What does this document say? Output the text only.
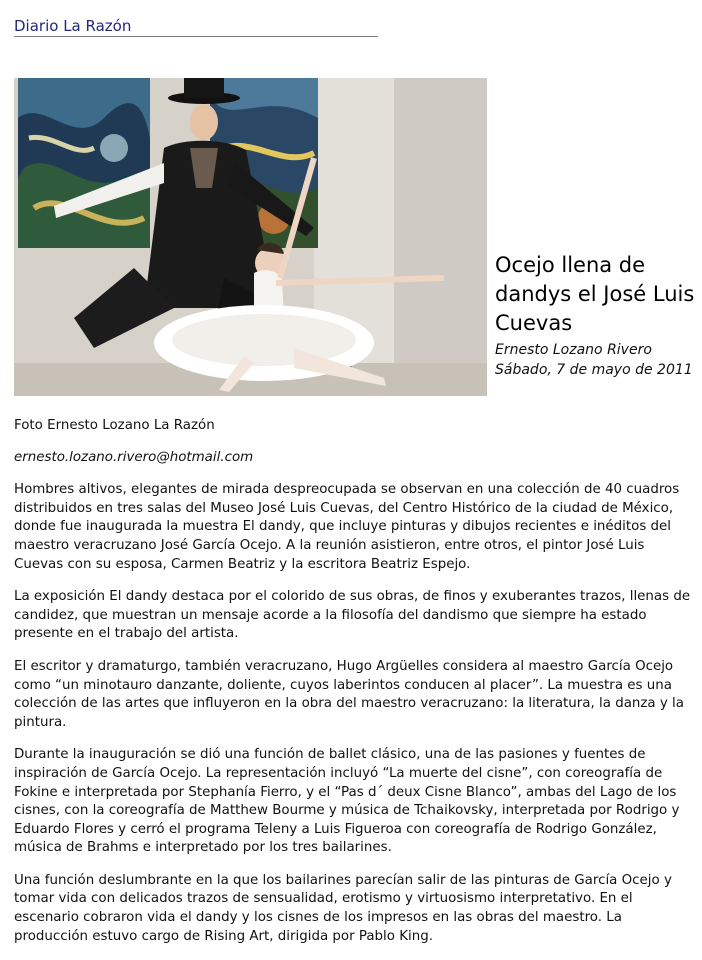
Diario La Razón
Ocejo llena de dandys el José Luis Cuevas
Ernesto Lozano Rivero
Sábado, 7 de mayo de 2011

Foto Ernesto Lozano La Razón

ernesto.lozano.rivero@hotmail.com

Hombres altivos, elegantes de mirada despreocupada se observan en una colección de 40 cuadros distribuidos en tres salas del Museo José Luis Cuevas, del Centro Histórico de la ciudad de México, donde fue inaugurada la muestra El dandy, que incluye pinturas y dibujos recientes e inéditos del maestro veracruzano José García Ocejo. A la reunión asistieron, entre otros, el pintor José Luis Cuevas con su esposa, Carmen Beatriz y la escritora Beatriz Espejo.

La exposición El dandy destaca por el colorido de sus obras, de finos y exuberantes trazos, llenas de candidez, que muestran un mensaje acorde a la filosofía del dandismo que siempre ha estado presente en el trabajo del artista.

El escritor y dramaturgo, también veracruzano, Hugo Argüelles considera al maestro García Ocejo como “un minotauro danzante, doliente, cuyos laberintos conducen al placer”. La muestra es una colección de las artes que influyeron en la obra del maestro veracruzano: la literatura, la danza y la pintura.

Durante la inauguración se dió una función de ballet clásico, una de las pasiones y fuentes de inspiración de García Ocejo. La representación incluyó “La muerte del cisne”, con coreografía de Fokine e interpretada por Stephanía Fierro, y el “Pas d´ deux Cisne Blanco”, ambas del Lago de los cisnes, con la coreografía de Matthew Bourme y música de Tchaikovsky, interpretada por Rodrigo y Eduardo Flores y cerró el programa Teleny a Luis Figueroa con coreografía de Rodrigo González, música de Brahms e interpretado por los tres bailarines.

Una función deslumbrante en la que los bailarines parecían salir de las pinturas de García Ocejo y tomar vida con delicados trazos de sensualidad, erotismo y virtuosismo interpretativo. En el escenario cobraron vida el dandy y los cisnes de los impresos en las obras del maestro. La producción estuvo cargo de Rising Art, dirigida por Pablo King.
